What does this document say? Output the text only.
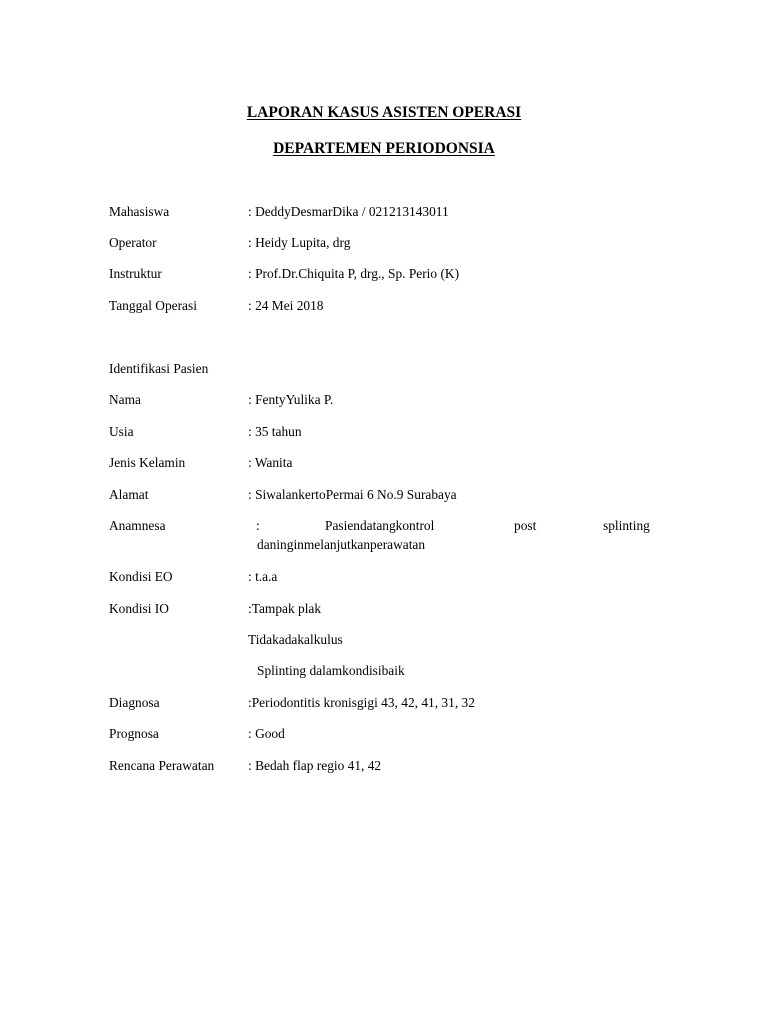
LAPORAN KASUS ASISTEN OPERASI
DEPARTEMEN PERIODONSIA
Mahasiswa	: DeddyDesmarDika / 021213143011
Operator	: Heidy Lupita, drg
Instruktur	: Prof.Dr.Chiquita P, drg., Sp. Perio (K)
Tanggal Operasi	: 24 Mei 2018
Identifikasi Pasien
Nama	: FentyYulika P.
Usia	: 35 tahun
Jenis Kelamin	: Wanita
Alamat	: SiwalankertoPermai 6 No.9 Surabaya
Anamnesa	:	Pasiendatangkontrol	post	splinting
daninginmelanjutkanperawatan
Kondisi EO	: t.a.a
Kondisi IO	:Tampak plak
Tidakadakalkulus
Splinting dalamkondisibaik
Diagnosa	:Periodontitis kronisgigi 43, 42, 41, 31, 32
Prognosa	: Good
Rencana Perawatan	: Bedah flap regio 41, 42
